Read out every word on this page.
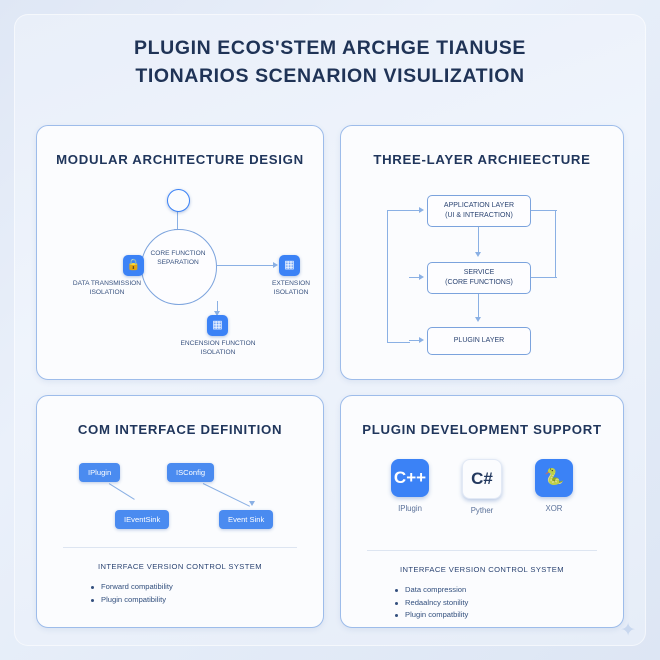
PLUGIN ECOS'STEM ARCHGE TIANUSE
TIONARIOS SCENARION VISULIZATION
MODULAR ARCHITECTURE DESIGN
CORE FUNCTION
SEPARATION
🔒	▦
▦
DATA TRANSMISSION
ISOLATION
EXTENSION
ISOLATION
ENCENSION FUNCTION
ISOLATION
THREE-LAYER ARCHIEECTURE
APPLICATION LAYER
(UI & INTERACTION)
SERVICE
(CORE FUNCTIONS)
PLUGIN LAYER
COM INTERFACE DEFINITION
IPlugin	ISConfig
IEventSink	Event Sink
INTERFACE VERSION CONTROL SYSTEM
Forward compatibility
Plugin compatibility
PLUGIN DEVELOPMENT SUPPORT
C++
IPlugin
C#
Pyther
🐍
XOR
INTERFACE VERSION CONTROL SYSTEM
Data compression
Redaalncy stonility
Plugin compatbility
✦
